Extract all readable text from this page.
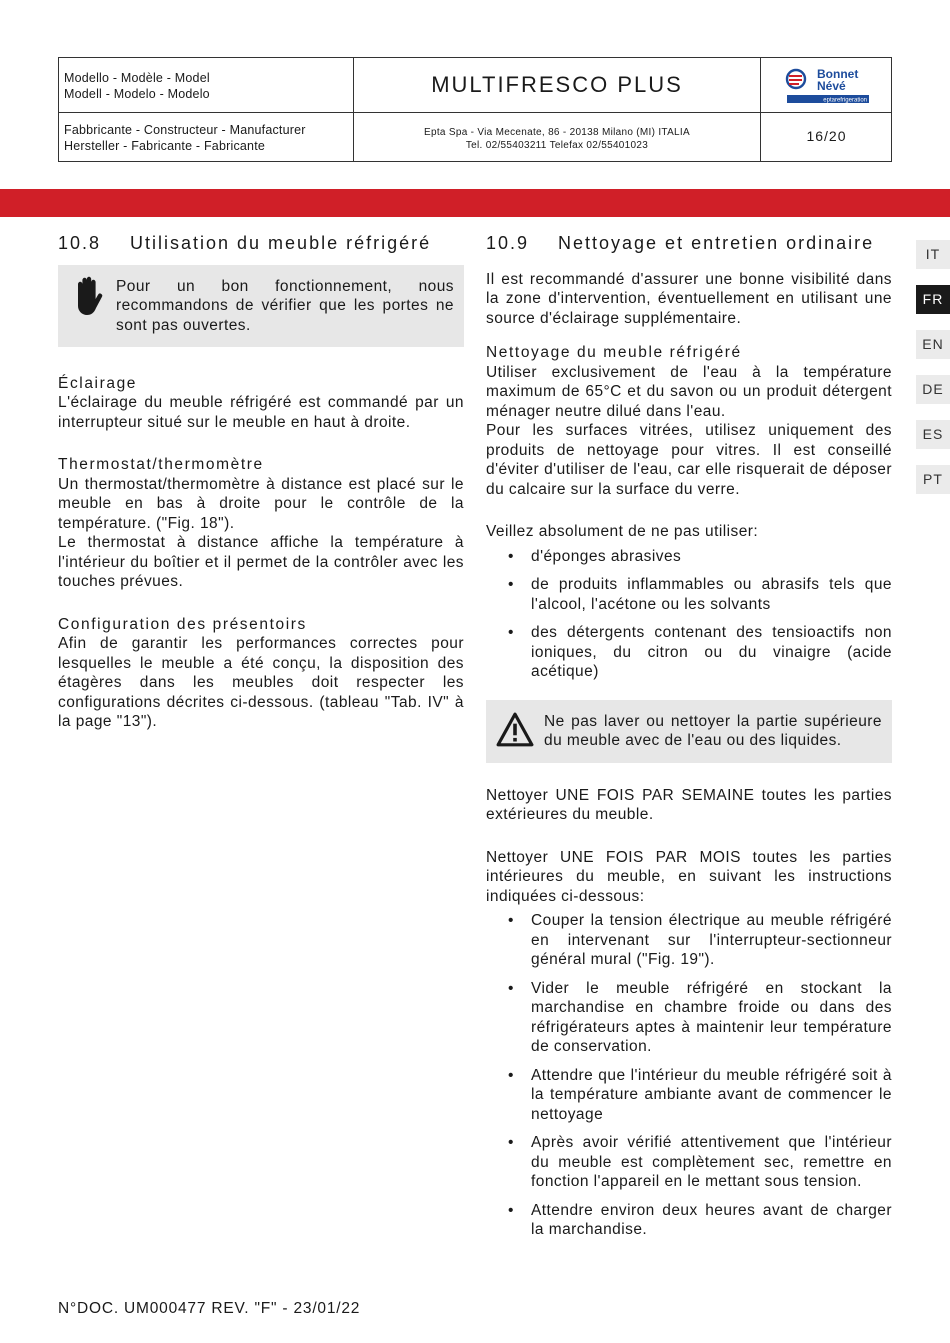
Modello - Modèle - Model
Modell - Modelo - Modelo
Fabbricante - Constructeur - Manufacturer
Hersteller - Fabricante - Fabricante
MULTIFRESCO PLUS
Epta Spa - Via Mecenate, 86 - 20138 Milano (MI) ITALIA
Tel. 02/55403211 Telefax 02/55401023
16/20
Bonnet
Névé
eptarefrigeration
10.8	Utilisation du meuble réfrigéré

Pour un bon fonctionnement, nous recommandons de vérifier que les portes ne sont pas ouvertes.

Éclairage

L'éclairage du meuble réfrigéré est commandé par un interrupteur situé sur le meuble en haut à droite.

Thermostat/thermomètre

Un thermostat/thermomètre à distance est placé sur le meuble en bas à droite pour le contrôle de la température. ("Fig. 18").

Le thermostat à distance affiche la température à l'intérieur du boîtier et il permet de la contrôler avec les touches prévues.

Configuration des présentoirs

Afin de garantir les performances correctes pour lesquelles le meuble a été conçu, la disposition des étagères dans les meubles doit respecter les configurations décrites ci-dessous. (tableau "Tab. IV" à la page "13").

10.9	Nettoyage et entretien ordinaire

Il est recommandé d'assurer une bonne visibilité dans la zone d'intervention, éventuellement en utilisant une source d'éclairage supplémentaire.

Nettoyage du meuble réfrigéré

Utiliser exclusivement de l'eau à la température maximum de 65°C et du savon ou un produit détergent ménager neutre dilué dans l'eau.

Pour les surfaces vitrées, utilisez uniquement des produits de nettoyage pour vitres. Il est conseillé d'éviter d'utiliser de l'eau, car elle risquerait de déposer du calcaire sur la surface du verre.

Veillez absolument de ne pas utiliser:

• d'éponges abrasives
• de produits inflammables ou abrasifs tels que l'alcool, l'acétone ou les solvants
• des détergents contenant des tensioactifs non ioniques, du citron ou du vinaigre (acide acétique)

Ne pas laver ou nettoyer la partie supérieure du meuble avec de l'eau ou des liquides.

Nettoyer UNE FOIS PAR SEMAINE toutes les parties extérieures du meuble.

Nettoyer UNE FOIS PAR MOIS toutes les parties intérieures du meuble, en suivant les instructions indiquées ci-dessous:

• Couper la tension électrique au meuble réfrigéré en intervenant sur l'interrupteur-sectionneur général mural ("Fig. 19").
• Vider le meuble réfrigéré en stockant la marchandise en chambre froide ou dans des réfrigérateurs aptes à maintenir leur température de conservation.
• Attendre que l'intérieur du meuble réfrigéré soit à la température ambiante avant de commencer le nettoyage
• Après avoir vérifié attentivement que l'intérieur du meuble est complètement sec, remettre en fonction l'appareil en le mettant sous tension.
• Attendre environ deux heures avant de charger la marchandise.
IT
FR
EN
DE
ES
PT
N°DOC. UM000477 REV. "F" - 23/01/22
